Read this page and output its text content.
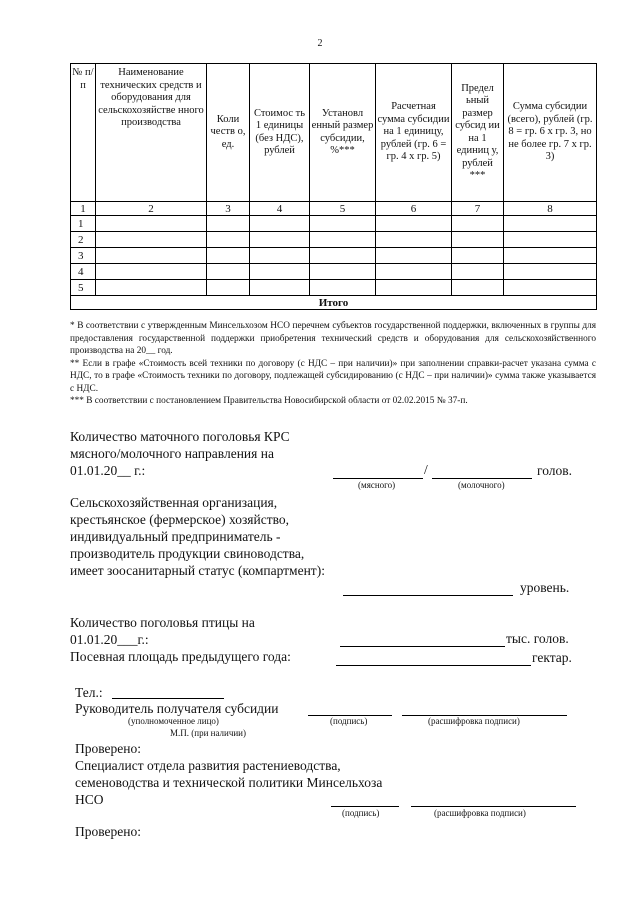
2
№ п/п	Наименование технических средств и оборудования для сельскохозяйстве нного производства	Коли честв о, ед.	Стоимос ть 1 единицы (без НДС), рублей	Установл енный размер субсидии, %***	Расчетная сумма субсидии на 1 единицу, рублей (гр. 6 = гр. 4 x гр. 5)	Предел ьный размер субсид ии на 1 единиц у, рублей ***	Сумма субсидии (всего), рублей (гр. 8 = гр. 6 x гр. 3, но не более гр. 7 x гр. 3)
1	2	3	4	5	6	7	8
1							
2							
3							
4							
5							
Итого							

* В соответствии с утвержденным Минсельхозом НСО перечнем субъектов государственной поддержки, включенных в группы для предоставления государственной поддержки приобретения технический средств и оборудования для сельскохозяйственного производства на 20__ год.

** Если в графе «Стоимость всей техники по договору (с НДС – при наличии)» при заполнении справки-расчет указана сумма с НДС, то в графе «Стоимость техники по договору, подлежащей субсидированию (с НДС – при наличии)» сумма также указывается с НДС.

*** В соответствии с постановлением Правительства Новосибирской области от 02.02.2015 № 37-п.

Количество маточного поголовья КРС мясного/молочного направления на 01.01.20__ г.:	/	голов.
(мясного)	(молочного)
Сельскохозяйственная организация, крестьянское (фермерское) хозяйство, индивидуальный предприниматель - производитель продукции свиноводства, имеет зоосанитарный статус (компартмент):
уровень.
Количество поголовья птицы на 01.01.20___г.:	тыс. голов.
Посевная площадь предыдущего года:	гектар.
Тел.:
Руководитель получателя субсидии
(уполномоченное лицо)	(подпись)	(расшифровка подписи)
М.П. (при наличии)
Проверено:
Специалист отдела развития растениеводства, семеноводства и технической политики Минсельхоза НСО
(подпись)	(расшифровка подписи)
Проверено:
